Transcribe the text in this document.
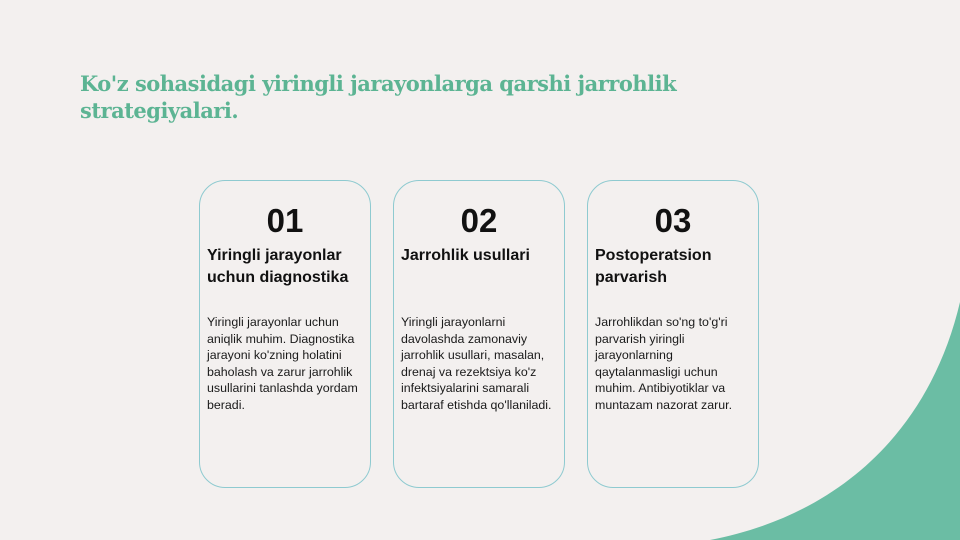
Ko'z sohasidagi yiringli jarayonlarga qarshi jarrohlik strategiyalari.
01
Yiringli jarayonlar uchun diagnostika

Yiringli jarayonlar uchun aniqlik muhim. Diagnostika jarayoni ko'zning holatini baholash va zarur jarrohlik usullarini tanlashda yordam beradi.

02
Jarrohlik usullari

Yiringli jarayonlarni davolashda zamonaviy jarrohlik usullari, masalan, drenaj va rezektsiya ko'z infektsiyalarini samarali bartaraf etishda qo'llaniladi.

03
Postoperatsion parvarish

Jarrohlikdan so'ng to'g'ri parvarish yiringli jarayonlarning qaytalanmasligi uchun muhim. Antibiyotiklar va muntazam nazorat zarur.
